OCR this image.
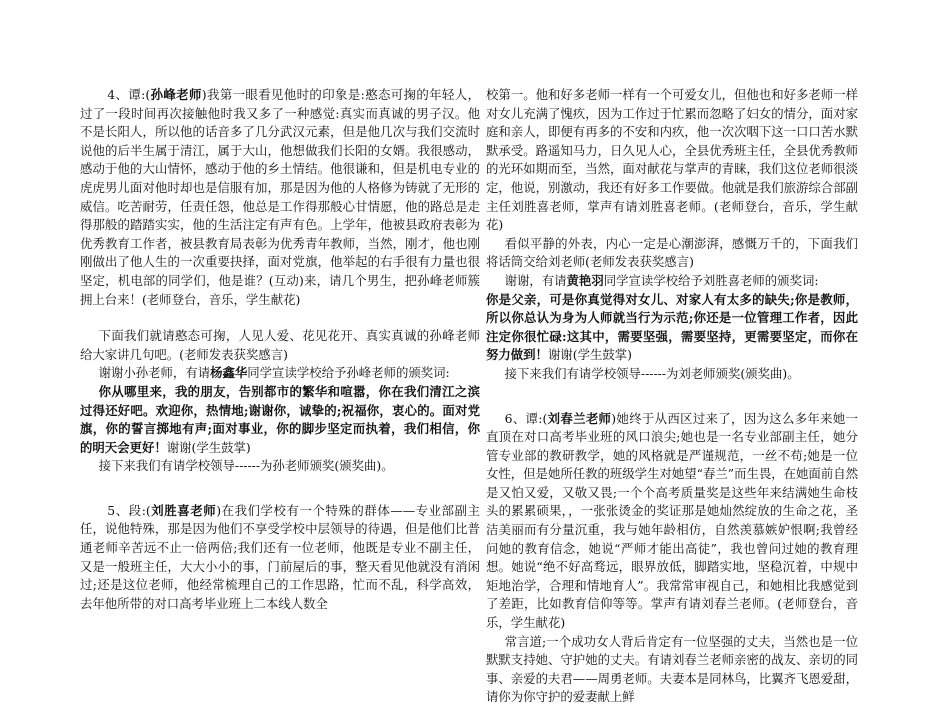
4、谭:(孙峰老师)我第一眼看见他时的印象是:憨态可掬的年轻人，过了一段时间再次接触他时我又多了一种感觉:真实而真诚的男子汉。他不是长阳人，所以他的话音多了几分武汉元素，但是他几次与我们交流时说他的后半生属于清江，属于大山，他想做我们长阳的女婿。我很感动，感动于他的大山情怀，感动于他的乡土情结。他很谦和，但是机电专业的虎虎男儿面对他时却也是信服有加，那是因为他的人格修为铸就了无形的威信。吃苦耐劳，任责任怨，他总是工作得那般心甘情愿，他的路总是走得那般的踏踏实实，他的生活注定有声有色。上学年，他被县政府表彰为优秀教育工作者，被县教育局表彰为优秀青年教师，当然，刚才，他也刚刚做出了他人生的一次重要抉择，面对党旗，他举起的右手很有力量也很坚定，机电部的同学们，他是谁？(互动)来，请几个男生，把孙峰老师簇拥上台来！(老师登台，音乐，学生献花)

下面我们就请憨态可掬，人见人爱、花见花开、真实真诚的孙峰老师给大家讲几句吧。(老师发表获奖感言)

谢谢小孙老师，有请杨鑫华同学宣读学校给予孙峰老师的颁奖词:

你从哪里来，我的朋友，告别都市的繁华和喧嚣，你在我们清江之滨过得还好吧。欢迎你，热情地;谢谢你，诚挚的;祝福你，衷心的。面对党旗，你的誓言掷地有声;面对事业，你的脚步坚定而执着，我们相信，你的明天会更好！谢谢(学生鼓掌)

接下来我们有请学校领导------为孙老师颁奖(颁奖曲)。

5、段:(刘胜喜老师)在我们学校有一个特殊的群体——专业部副主任，说他特殊，那是因为他们不享受学校中层领导的待遇，但是他们比普通老师辛苦远不止一倍两倍;我们还有一位老师，他既是专业不副主任，又是一般班主任，大大小小的事，门前屋后的事，整天看见他就没有消闲过;还是这位老师，他经常梳理自己的工作思路，忙而不乱，科学高效，去年他所带的对口高考毕业班上二本线人数全

校第一。他和好多老师一样有一个可爱女儿，但他也和好多老师一样对女儿充满了愧疚，因为工作过于忙累而忽略了妇女的情分，面对家庭和亲人，即便有再多的不安和内疚，他一次次咽下这一口口苦水默默承受。路遥知马力，日久见人心，全县优秀班主任，全县优秀教师的光环如期而至，当然，面对献花与掌声的青睐，我们这位老师很淡定，他说，别激动，我还有好多工作要做。他就是我们旅游综合部副主任刘胜喜老师，掌声有请刘胜喜老师。(老师登台，音乐，学生献花)

看似平静的外表，内心一定是心潮澎湃，感慨万千的，下面我们将话筒交给刘老师(老师发表获奖感言)

谢谢，有请黄艳羽同学宣读学校给予刘胜喜老师的颁奖词:

你是父亲，可是你真觉得对女儿、对家人有太多的缺失;你是教师，所以你总认为身为人师就当行为示范;你还是一位管理工作者，因此注定你很忙碌:这其中，需要坚强，需要坚持，更需要坚定，而你在努力做到！谢谢(学生鼓掌)

接下来我们有请学校领导------为刘老师颁奖(颁奖曲)。

6、谭:(刘春兰老师)她终于从西区过来了，因为这么多年来她一直顶在对口高考毕业班的风口浪尖;她也是一名专业部副主任，她分管专业部的教研教学，她的风格就是严谨规范，一丝不苟;她是一位女性，但是她所任教的班级学生对她望“春兰”而生畏，在她面前自然是又怕又爱，又敬又畏;一个个高考质量奖是这些年来结满她生命枝头的累累硕果，，一张张烫金的奖证那是她灿然绽放的生命之花，圣洁美丽而有分量沉重，我与她年龄相仿，自然羡慕嫉妒恨啊;我曾经问她的教育信念，她说“严师才能出高徒”，我也曾问过她的教育理想。她说“绝不好高骛远，眼界放低，脚踏实地，坚稳沉着，中规中矩地治学，合理和情地育人”。我常常审视自己，和她相比我感觉到了差距，比如教育信仰等等。掌声有请刘春兰老师。(老师登台，音乐，学生献花)

常言道;一个成功女人背后肯定有一位坚强的丈夫，当然也是一位默默支持她、守护她的丈夫。有请刘春兰老师亲密的战友、亲切的同事、亲爱的夫君——周勇老师。夫妻本是同林鸟，比翼齐飞恩爱甜，请你为你守护的爱妻献上鲜
